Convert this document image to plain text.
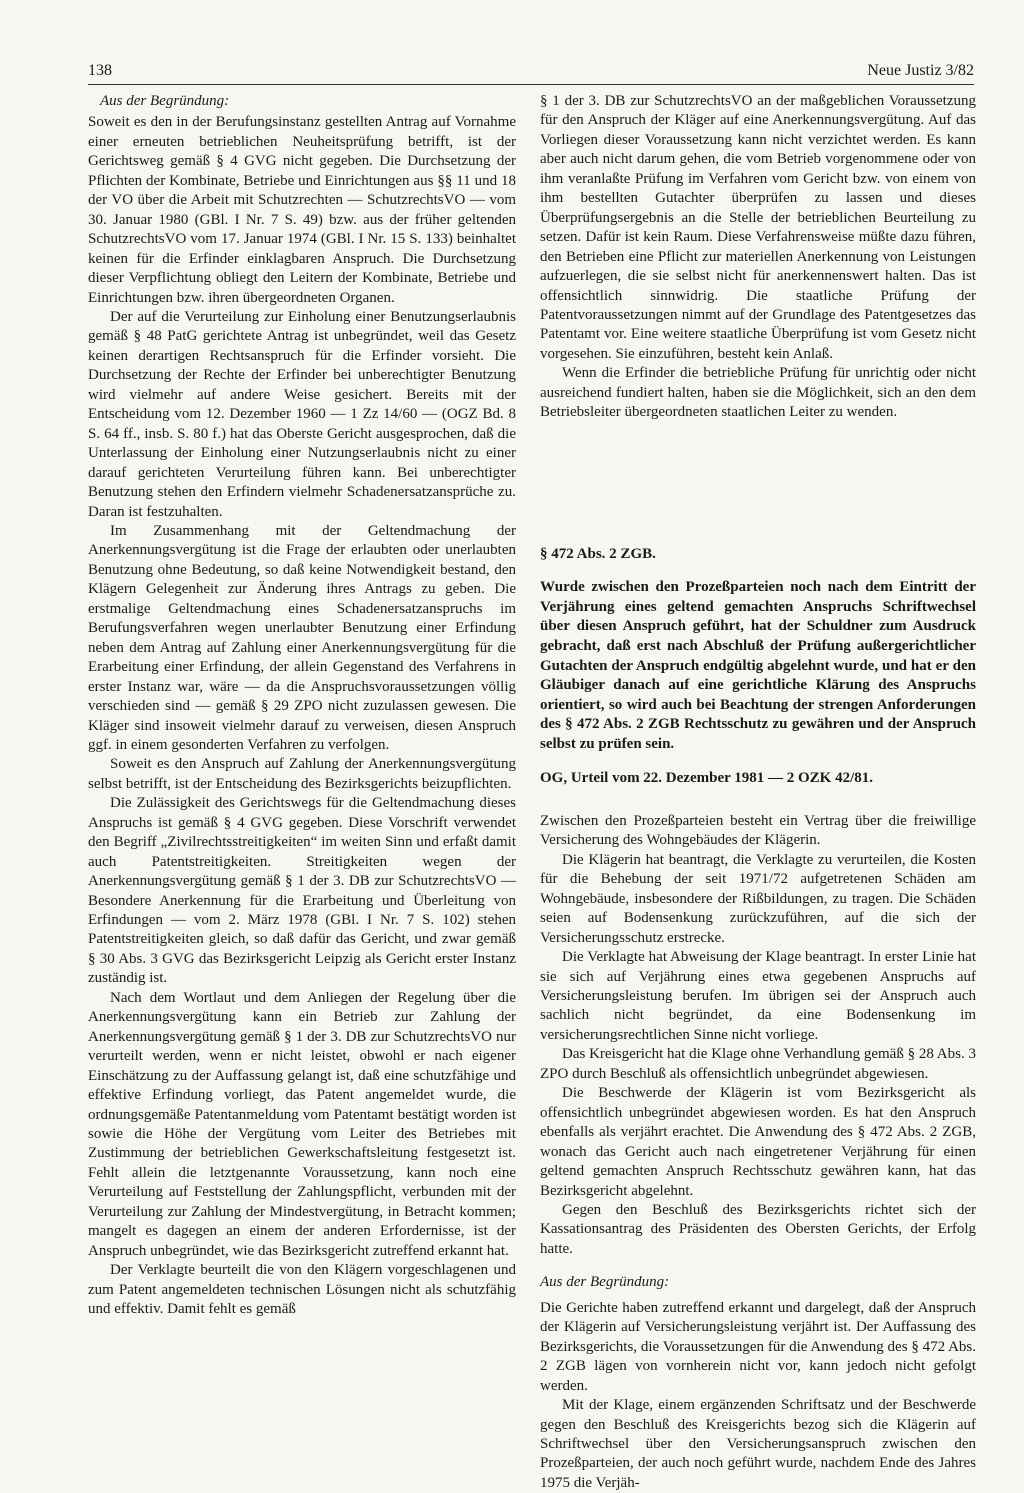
138	Neue Justiz 3/82
Aus der Begründung:

Soweit es den in der Berufungsinstanz gestellten Antrag auf Vornahme einer erneuten betrieblichen Neuheitsprüfung betrifft, ist der Gerichtsweg gemäß § 4 GVG nicht gegeben. Die Durchsetzung der Pflichten der Kombinate, Betriebe und Einrichtungen aus §§ 11 und 18 der VO über die Arbeit mit Schutzrechten — SchutzrechtsVO — vom 30. Januar 1980 (GBl. I Nr. 7 S. 49) bzw. aus der früher geltenden SchutzrechtsVO vom 17. Januar 1974 (GBl. I Nr. 15 S. 133) beinhaltet keinen für die Erfinder einklagbaren Anspruch. Die Durchsetzung dieser Verpflichtung obliegt den Leitern der Kombinate, Betriebe und Einrichtungen bzw. ihren übergeordneten Organen.

Der auf die Verurteilung zur Einholung einer Benutzungserlaubnis gemäß § 48 PatG gerichtete Antrag ist unbegründet, weil das Gesetz keinen derartigen Rechtsanspruch für die Erfinder vorsieht. Die Durchsetzung der Rechte der Erfinder bei unberechtigter Benutzung wird vielmehr auf andere Weise gesichert. Bereits mit der Entscheidung vom 12. Dezember 1960 — 1 Zz 14/60 — (OGZ Bd. 8 S. 64 ff., insb. S. 80 f.) hat das Oberste Gericht ausgesprochen, daß die Unterlassung der Einholung einer Nutzungserlaubnis nicht zu einer darauf gerichteten Verurteilung führen kann. Bei unberechtigter Benutzung stehen den Erfindern vielmehr Schadenersatzansprüche zu. Daran ist festzuhalten.

Im Zusammenhang mit der Geltendmachung der Anerkennungsvergütung ist die Frage der erlaubten oder unerlaubten Benutzung ohne Bedeutung, so daß keine Notwendigkeit bestand, den Klägern Gelegenheit zur Änderung ihres Antrags zu geben. Die erstmalige Geltendmachung eines Schadenersatzanspruchs im Berufungsverfahren wegen unerlaubter Benutzung einer Erfindung neben dem Antrag auf Zahlung einer Anerkennungsvergütung für die Erarbeitung einer Erfindung, der allein Gegenstand des Verfahrens in erster Instanz war, wäre — da die Anspruchsvoraussetzungen völlig verschieden sind — gemäß § 29 ZPO nicht zuzulassen gewesen. Die Kläger sind insoweit vielmehr darauf zu verweisen, diesen Anspruch ggf. in einem gesonderten Verfahren zu verfolgen.

Soweit es den Anspruch auf Zahlung der Anerkennungsvergütung selbst betrifft, ist der Entscheidung des Bezirksgerichts beizupflichten.

Die Zulässigkeit des Gerichtswegs für die Geltendmachung dieses Anspruchs ist gemäß § 4 GVG gegeben. Diese Vorschrift verwendet den Begriff „Zivilrechtsstreitigkeiten“ im weiten Sinn und erfaßt damit auch Patentstreitigkeiten. Streitigkeiten wegen der Anerkennungsvergütung gemäß § 1 der 3. DB zur SchutzrechtsVO — Besondere Anerkennung für die Erarbeitung und Überleitung von Erfindungen — vom 2. März 1978 (GBl. I Nr. 7 S. 102) stehen Patentstreitigkeiten gleich, so daß dafür das Gericht, und zwar gemäß § 30 Abs. 3 GVG das Bezirksgericht Leipzig als Gericht erster Instanz zuständig ist.

Nach dem Wortlaut und dem Anliegen der Regelung über die Anerkennungsvergütung kann ein Betrieb zur Zahlung der Anerkennungsvergütung gemäß § 1 der 3. DB zur SchutzrechtsVO nur verurteilt werden, wenn er nicht leistet, obwohl er nach eigener Einschätzung zu der Auffassung gelangt ist, daß eine schutzfähige und effektive Erfindung vorliegt, das Patent angemeldet wurde, die ordnungsgemäße Patentanmeldung vom Patentamt bestätigt worden ist sowie die Höhe der Vergütung vom Leiter des Betriebes mit Zustimmung der betrieblichen Gewerkschaftsleitung festgesetzt ist. Fehlt allein die letztgenannte Voraussetzung, kann noch eine Verurteilung auf Feststellung der Zahlungspflicht, verbunden mit der Verurteilung zur Zahlung der Mindestvergütung, in Betracht kommen; mangelt es dagegen an einem der anderen Erfordernisse, ist der Anspruch unbegründet, wie das Bezirksgericht zutreffend erkannt hat.

Der Verklagte beurteilt die von den Klägern vorgeschlagenen und zum Patent angemeldeten technischen Lösungen nicht als schutzfähig und effektiv. Damit fehlt es gemäß

§ 1 der 3. DB zur SchutzrechtsVO an der maßgeblichen Voraussetzung für den Anspruch der Kläger auf eine Anerkennungsvergütung. Auf das Vorliegen dieser Voraussetzung kann nicht verzichtet werden. Es kann aber auch nicht darum gehen, die vom Betrieb vorgenommene oder von ihm veranlaßte Prüfung im Verfahren vom Gericht bzw. von einem von ihm bestellten Gutachter überprüfen zu lassen und dieses Überprüfungsergebnis an die Stelle der betrieblichen Beurteilung zu setzen. Dafür ist kein Raum. Diese Verfahrensweise müßte dazu führen, den Betrieben eine Pflicht zur materiellen Anerkennung von Leistungen aufzuerlegen, die sie selbst nicht für anerkennenswert halten. Das ist offensichtlich sinnwidrig. Die staatliche Prüfung der Patentvoraussetzungen nimmt auf der Grundlage des Patentgesetzes das Patentamt vor. Eine weitere staatliche Überprüfung ist vom Gesetz nicht vorgesehen. Sie einzuführen, besteht kein Anlaß.

Wenn die Erfinder die betriebliche Prüfung für unrichtig oder nicht ausreichend fundiert halten, haben sie die Möglichkeit, sich an den dem Betriebsleiter übergeordneten staatlichen Leiter zu wenden.

§ 472 Abs. 2 ZGB.

Wurde zwischen den Prozeßparteien noch nach dem Eintritt der Verjährung eines geltend gemachten Anspruchs Schriftwechsel über diesen Anspruch geführt, hat der Schuldner zum Ausdruck gebracht, daß erst nach Abschluß der Prüfung außergerichtlicher Gutachten der Anspruch endgültig abgelehnt wurde, und hat er den Gläubiger danach auf eine gerichtliche Klärung des Anspruchs orientiert, so wird auch bei Beachtung der strengen Anforderungen des § 472 Abs. 2 ZGB Rechtsschutz zu gewähren und der Anspruch selbst zu prüfen sein.

OG, Urteil vom 22. Dezember 1981 — 2 OZK 42/81.

Zwischen den Prozeßparteien besteht ein Vertrag über die freiwillige Versicherung des Wohngebäudes der Klägerin.

Die Klägerin hat beantragt, die Verklagte zu verurteilen, die Kosten für die Behebung der seit 1971/72 aufgetretenen Schäden am Wohngebäude, insbesondere der Rißbildungen, zu tragen. Die Schäden seien auf Bodensenkung zurückzuführen, auf die sich der Versicherungsschutz erstrecke.

Die Verklagte hat Abweisung der Klage beantragt. In erster Linie hat sie sich auf Verjährung eines etwa gegebenen Anspruchs auf Versicherungsleistung berufen. Im übrigen sei der Anspruch auch sachlich nicht begründet, da eine Bodensenkung im versicherungsrechtlichen Sinne nicht vorliege.

Das Kreisgericht hat die Klage ohne Verhandlung gemäß § 28 Abs. 3 ZPO durch Beschluß als offensichtlich unbegründet abgewiesen.

Die Beschwerde der Klägerin ist vom Bezirksgericht als offensichtlich unbegründet abgewiesen worden. Es hat den Anspruch ebenfalls als verjährt erachtet. Die Anwendung des § 472 Abs. 2 ZGB, wonach das Gericht auch nach eingetretener Verjährung für einen geltend gemachten Anspruch Rechtsschutz gewähren kann, hat das Bezirksgericht abgelehnt.

Gegen den Beschluß des Bezirksgerichts richtet sich der Kassationsantrag des Präsidenten des Obersten Gerichts, der Erfolg hatte.

Aus der Begründung:

Die Gerichte haben zutreffend erkannt und dargelegt, daß der Anspruch der Klägerin auf Versicherungsleistung verjährt ist. Der Auffassung des Bezirksgerichts, die Voraussetzungen für die Anwendung des § 472 Abs. 2 ZGB lägen von vornherein nicht vor, kann jedoch nicht gefolgt werden.

Mit der Klage, einem ergänzenden Schriftsatz und der Beschwerde gegen den Beschluß des Kreisgerichts bezog sich die Klägerin auf Schriftwechsel über den Versicherungsanspruch zwischen den Prozeßparteien, der auch noch geführt wurde, nachdem Ende des Jahres 1975 die Verjäh-
